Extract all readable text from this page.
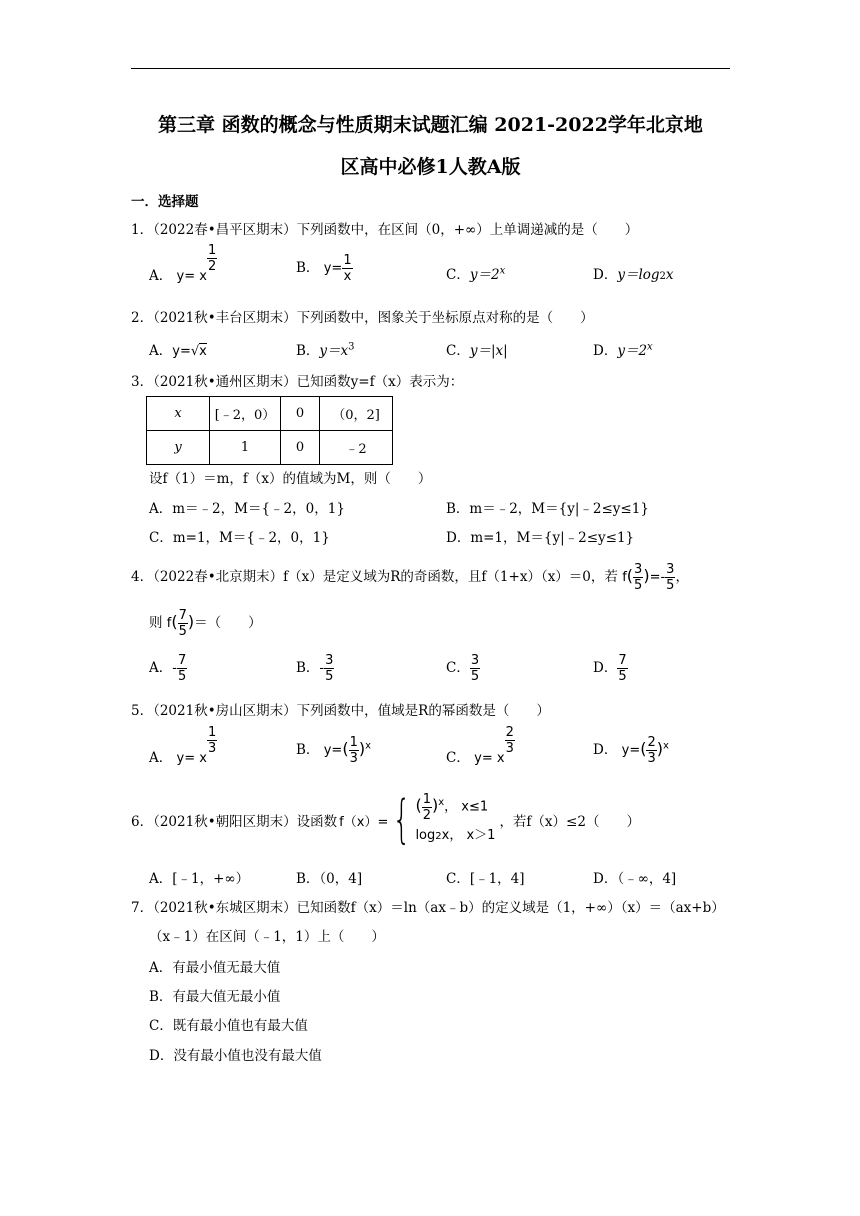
第三章 函数的概念与性质期末试题汇编 2021-2022学年北京地
区高中必修1人教A版
一．选择题
1．（2022春•昌平区期末）下列函数中，在区间（0，+∞）上单调递减的是（　　）
A． y= x
$\frac{1}{2}$	B． $y= \frac{1}{x}$	C．$y=2^x$	D．y＝log2x
2．（2021秋•丰台区期末）下列函数中，图象关于坐标原点对称的是（　　）
A．y=√x	B．$y=x^3$	C．y＝|x|	D．$y=2^x$
3．（2021秋•通州区期末）已知函数y=f（x）表示为：
x	[﹣2，0）	0	（0，2]
y	1	0	﹣2
设f（1）＝m，f（x）的值域为M，则（　　）
A．m＝﹣2，M＝{﹣2，0，1}	B．m＝﹣2，M＝{y|﹣2≤y≤1}
C．m=1，M＝{﹣2，0，1}	D．m=1，M＝{y|﹣2≤y≤1}
4．（2022春•北京期末）f（x）是定义域为R的奇函数，且f（1+x）（x）＝0，若 $f( \frac{3}{5}$ )=- $\frac{3}{5}$ ，
则 $f( \frac{7}{5}$ )＝（　　）
A．- $\frac{7}{5}$	B．- $\frac{3}{5}$	C． $\frac{3}{5}$	D． $\frac{7}{5}$
5．（2021秋•房山区期末）下列函数中，值域是R的幂函数是（　　）
A． y= x
$\frac{1}{3}$	B． $y=( \frac{1}{3} )^x$
C． y= x
$\frac{2}{3}$	D． $y=( \frac{2}{3} )^x$
6．（2021秋•朝阳区期末）设函数 f（x）= { ( $\frac{1}{2} )^x$， x≤1
log2x， x＞1
，若f（x）≤2（　　）
A．[﹣1，+∞）	B．（0，4]	C．[﹣1，4]	D．（﹣∞，4]
7．（2021秋•东城区期末）已知函数f（x）＝ln（ax﹣b）的定义域是（1，+∞）（x）＝（ax+b）
（x﹣1）在区间（﹣1，1）上（　　）
A．有最小值无最大值
B．有最大值无最小值
C．既有最小值也有最大值
D．没有最小值也没有最大值
